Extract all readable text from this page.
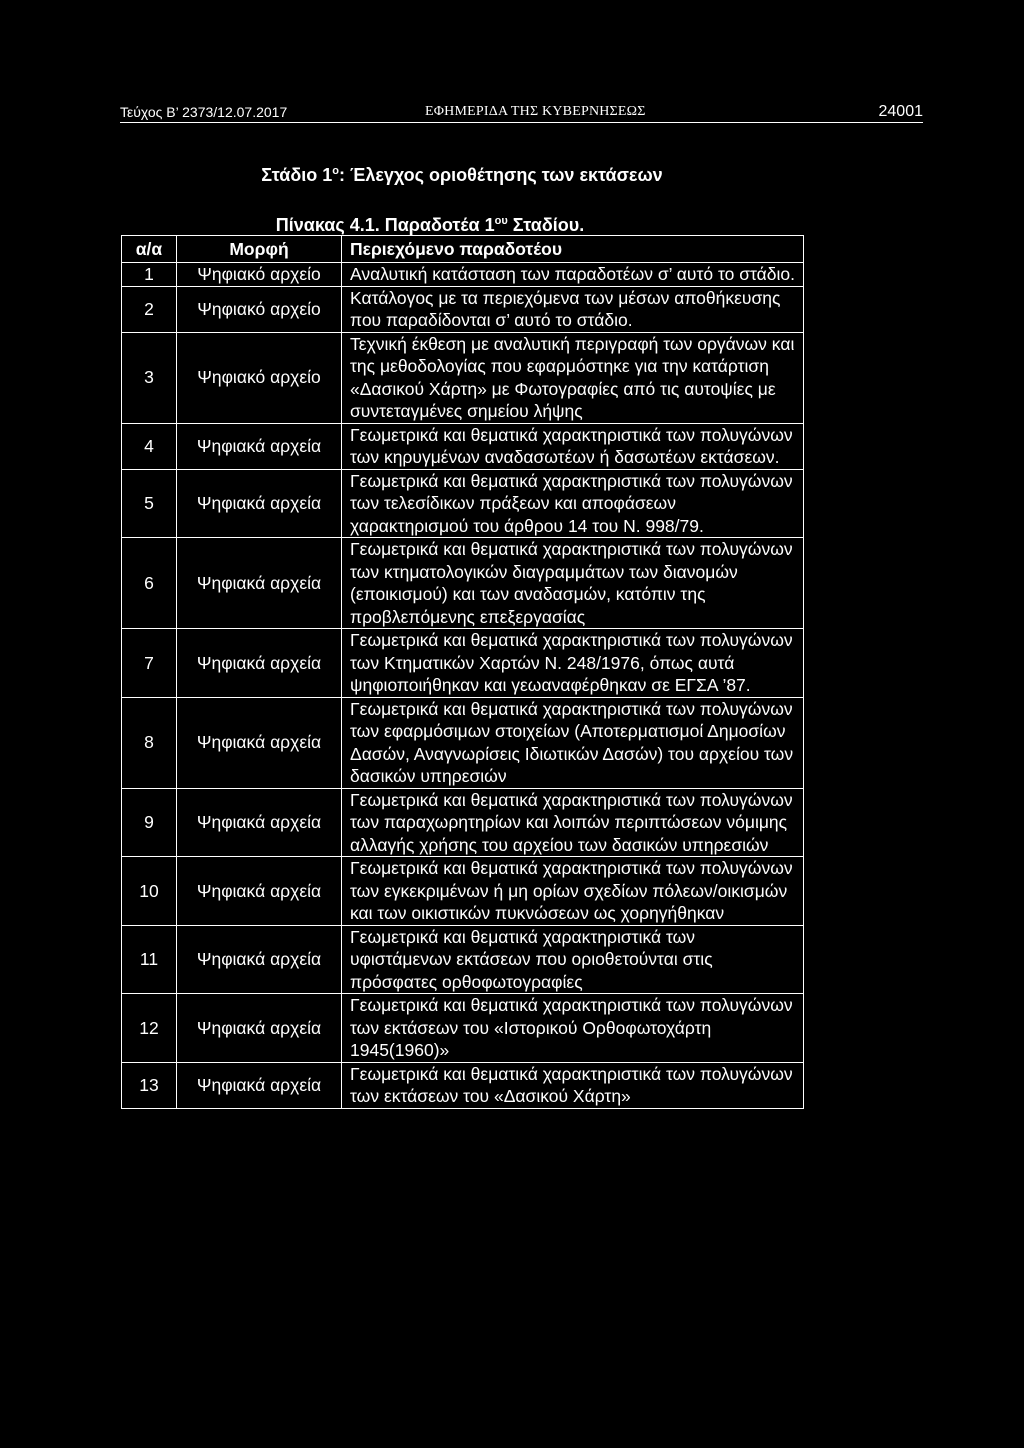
Τεύχος Β’ 2373/12.07.2017	ΕΦΗΜΕΡΙΔΑ ΤΗΣ ΚΥΒΕΡΝΗΣΕΩΣ	24001
Στάδιο $1^o$: Έλεγχος οριοθέτησης των εκτάσεων
Πίνακας 4.1. Παραδοτέα $1^{o\upsilon}$ Σταδίου.
α/α	Μορφή	Περιεχόμενο παραδοτέου
1	Ψηφιακό αρχείο	Αναλυτική κατάσταση των παραδοτέων σ’ αυτό το στάδιο.
2	Ψηφιακό αρχείο	Κατάλογος με τα περιεχόμενα των μέσων αποθήκευσης που παραδίδονται σ’ αυτό το στάδιο.
3	Ψηφιακό αρχείο	Τεχνική έκθεση με αναλυτική περιγραφή των οργάνων και της μεθοδολογίας που εφαρμόστηκε για την κατάρτιση «Δασικού Χάρτη» με Φωτογραφίες από τις αυτοψίες με συντεταγμένες σημείου λήψης
4	Ψηφιακά αρχεία	Γεωμετρικά και θεματικά χαρακτηριστικά των πολυγώνων των κηρυγμένων αναδασωτέων ή δασωτέων εκτάσεων.
5	Ψηφιακά αρχεία	Γεωμετρικά και θεματικά χαρακτηριστικά των πολυγώνων των τελεσίδικων πράξεων και αποφάσεων χαρακτηρισμού του άρθρου 14 του Ν. 998/79.
6	Ψηφιακά αρχεία	Γεωμετρικά και θεματικά χαρακτηριστικά των πολυγώνων των κτηματολογικών διαγραμμάτων των διανομών (εποικισμού) και των αναδασμών, κατόπιν της προβλεπόμενης επεξεργασίας
7	Ψηφιακά αρχεία	Γεωμετρικά και θεματικά χαρακτηριστικά των πολυγώνων των Κτηματικών Χαρτών Ν. 248/1976, όπως αυτά ψηφιοποιήθηκαν και γεωαναφέρθηκαν σε ΕΓΣΑ ’87.
8	Ψηφιακά αρχεία	Γεωμετρικά και θεματικά χαρακτηριστικά των πολυγώνων των εφαρμόσιμων στοιχείων (Αποτερματισμοί Δημοσίων Δασών, Αναγνωρίσεις Ιδιωτικών Δασών) του αρχείου των δασικών υπηρεσιών
9	Ψηφιακά αρχεία	Γεωμετρικά και θεματικά χαρακτηριστικά των πολυγώνων των παραχωρητηρίων και λοιπών περιπτώσεων νόμιμης αλλαγής χρήσης του αρχείου των δασικών υπηρεσιών
10	Ψηφιακά αρχεία	Γεωμετρικά και θεματικά χαρακτηριστικά των πολυγώνων των εγκεκριμένων ή μη ορίων σχεδίων πόλεων/οικισμών και των οικιστικών πυκνώσεων ως χορηγήθηκαν
11	Ψηφιακά αρχεία	Γεωμετρικά και θεματικά χαρακτηριστικά των υφιστάμενων εκτάσεων που οριοθετούνται στις πρόσφατες ορθοφωτογραφίες
12	Ψηφιακά αρχεία	Γεωμετρικά και θεματικά χαρακτηριστικά των πολυγώνων των εκτάσεων του «Ιστορικού Ορθοφωτοχάρτη 1945(1960)»
13	Ψηφιακά αρχεία	Γεωμετρικά και θεματικά χαρακτηριστικά των πολυγώνων των εκτάσεων του «Δασικού Χάρτη»
